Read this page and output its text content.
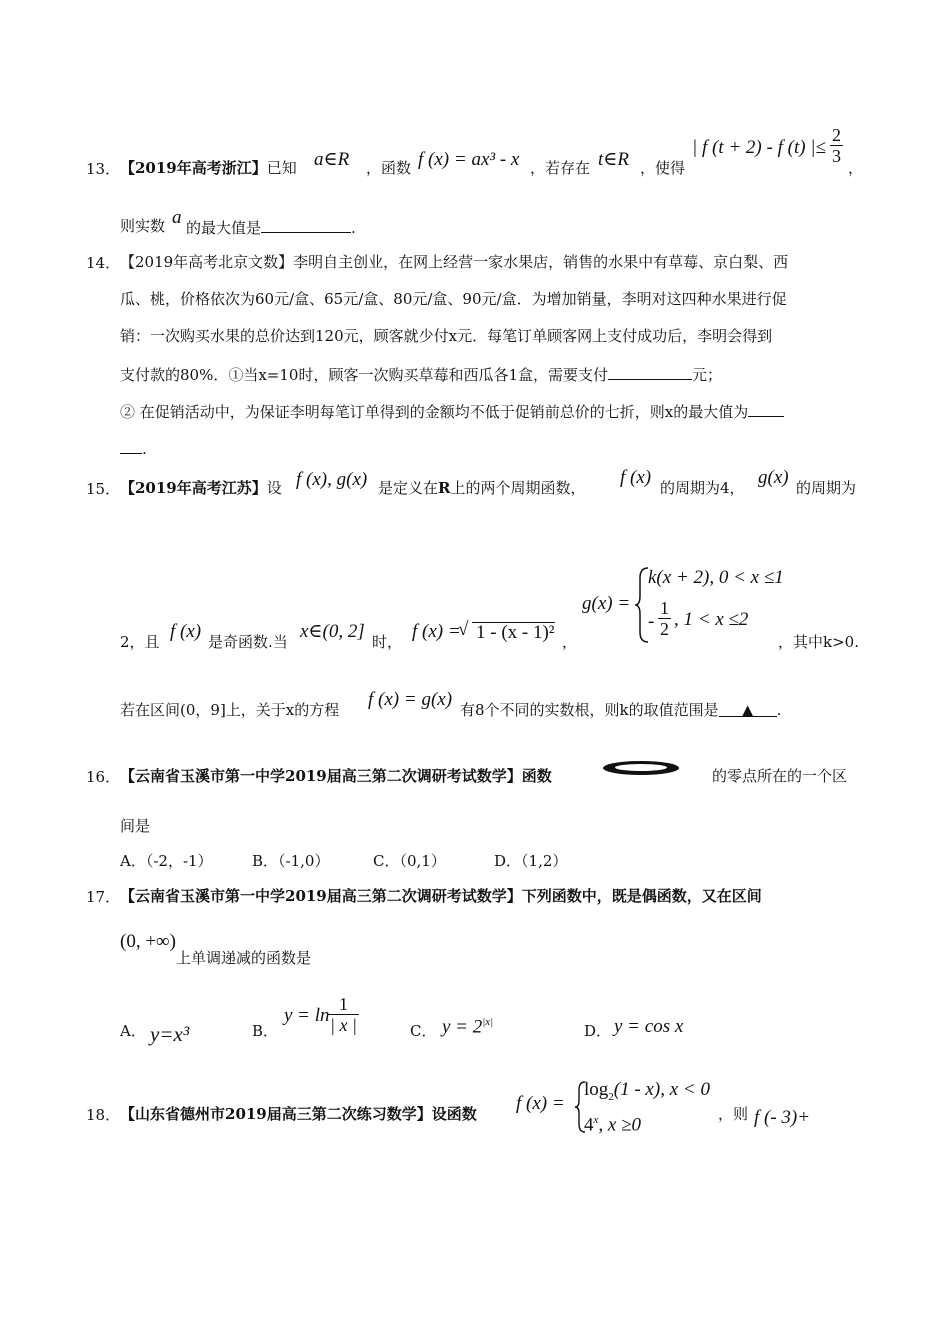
13． 【2019年高考浙江】已知 a∈R ，函数 f (x) = ax³ - x ，若存在 t∈R ，使得
| f (t + 2) - f (t) |≤ $\frac{2}{3}$
，
则实数 a 的最大值是	.
14． 【2019年高考北京文数】李明自主创业，在网上经营一家水果店，销售的水果中有草莓、京白梨、西
瓜、桃，价格依次为60元/盒、65元/盒、80元/盒、90元/盒．为增加销量，李明对这四种水果进行促
销：一次购买水果的总价达到120元，顾客就少付x元．每笔订单顾客网上支付成功后，李明会得到
支付款的80%．①当x=10时，顾客一次购买草莓和西瓜各1盒，需要支付	元；
② 在促销活动中，为保证李明每笔订单得到的金额均不低于促销前总价的七折，则x的最大值为
.
15． 【2019年高考江苏】设 f (x), g(x) 是定义在R上的两个周期函数， f (x) 的周期为4， g(x) 的周期为
2，且 f (x) 是奇函数.当 x∈(0, 2] 时， f (x) = 1 - (x - 1)²
√
，
g(x) =
k(x + 2), 0 < x ≤1
- $\frac{1}{2}$ , 1 < x ≤2
，其中k>0.
若在区间(0，9]上，关于x的方程 f (x) = g(x) 有8个不同的实数根，则k的取值范围是 ▲ .
16． 【云南省玉溪市第一中学2019届高三第二次调研考试数学】函数	的零点所在的一个区
间是
A．（-2，-1）	B．（-1,0）	C．（0,1）	D．（1,2）
17． 【云南省玉溪市第一中学2019届高三第二次调研考试数学】下列函数中，既是偶函数，又在区间
(0, +∞)
上单调递减的函数是
A． y=x³	B．
y = ln
$\frac{1}{| x |}$	C． $y = 2^{|x|}$	D． y = cos x
18． 【山东省德州市2019届高三第二次练习数学】设函数 f (x) =
$\log_2(1 - x)$, x < 0
4$^x$, x ≥0
，则 f (- 3)+
